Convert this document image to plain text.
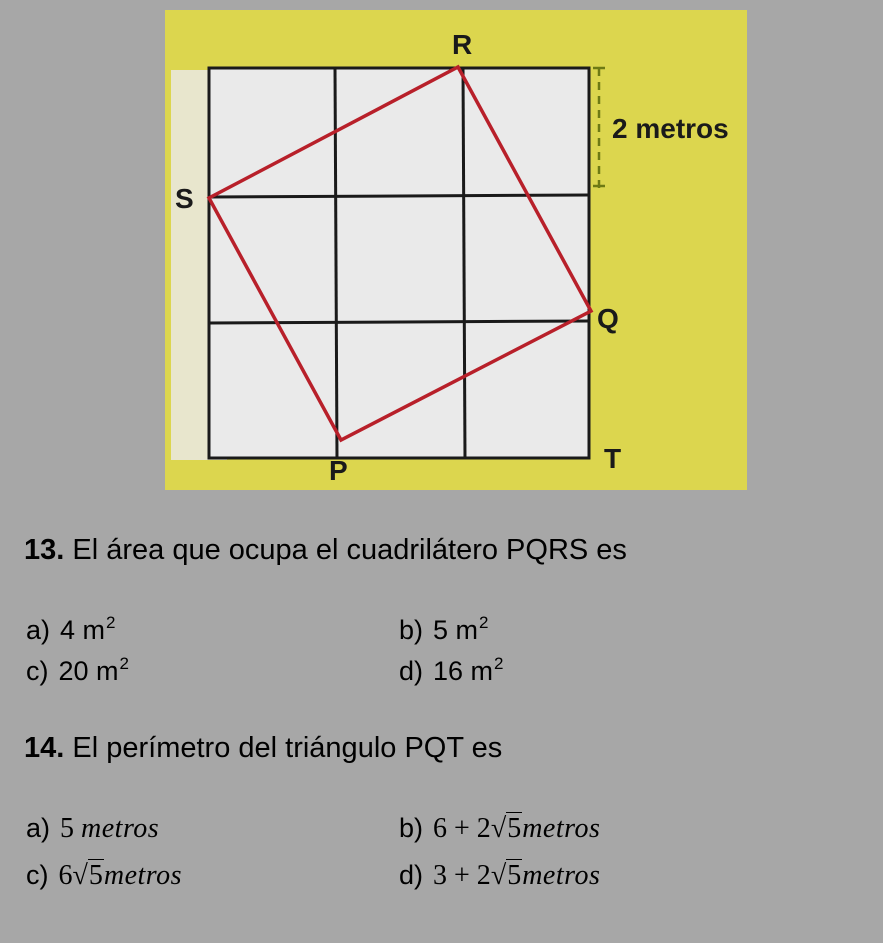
2 metros
R
S
Q
P	T
13. El área que ocupa el cuadrilátero PQRS es
a) 4 $m^2$	b) 5 $m^2$
c) 20 $m^2$	d) 16 $m^2$
14. El perímetro del triángulo PQT es
a) 5 metros	b) 6 + 2√5metros
c) 6√5metros	d) 3 + 2√5metros
